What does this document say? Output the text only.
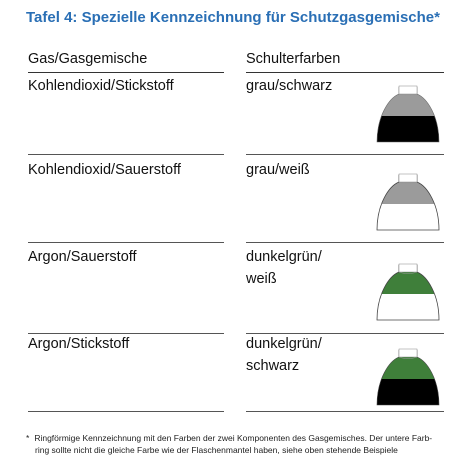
Tafel 4: Spezielle Kennzeichnung für Schutzgasgemische*
Gas/Gasgemische	Schulterfarben
Kohlendioxid/Stickstoff	grau/schwarz
Kohlendioxid/Sauerstoff	grau/weiß
Argon/Sauerstoff	dunkelgrün/
weiß
Argon/Stickstoff	dunkelgrün/
schwarz
* Ringförmige Kennzeichnung mit den Farben der zwei Komponenten des Gasgemisches. Der untere Farb-
ring sollte nicht die gleiche Farbe wie der Flaschenmantel haben, siehe oben stehende Beispiele
